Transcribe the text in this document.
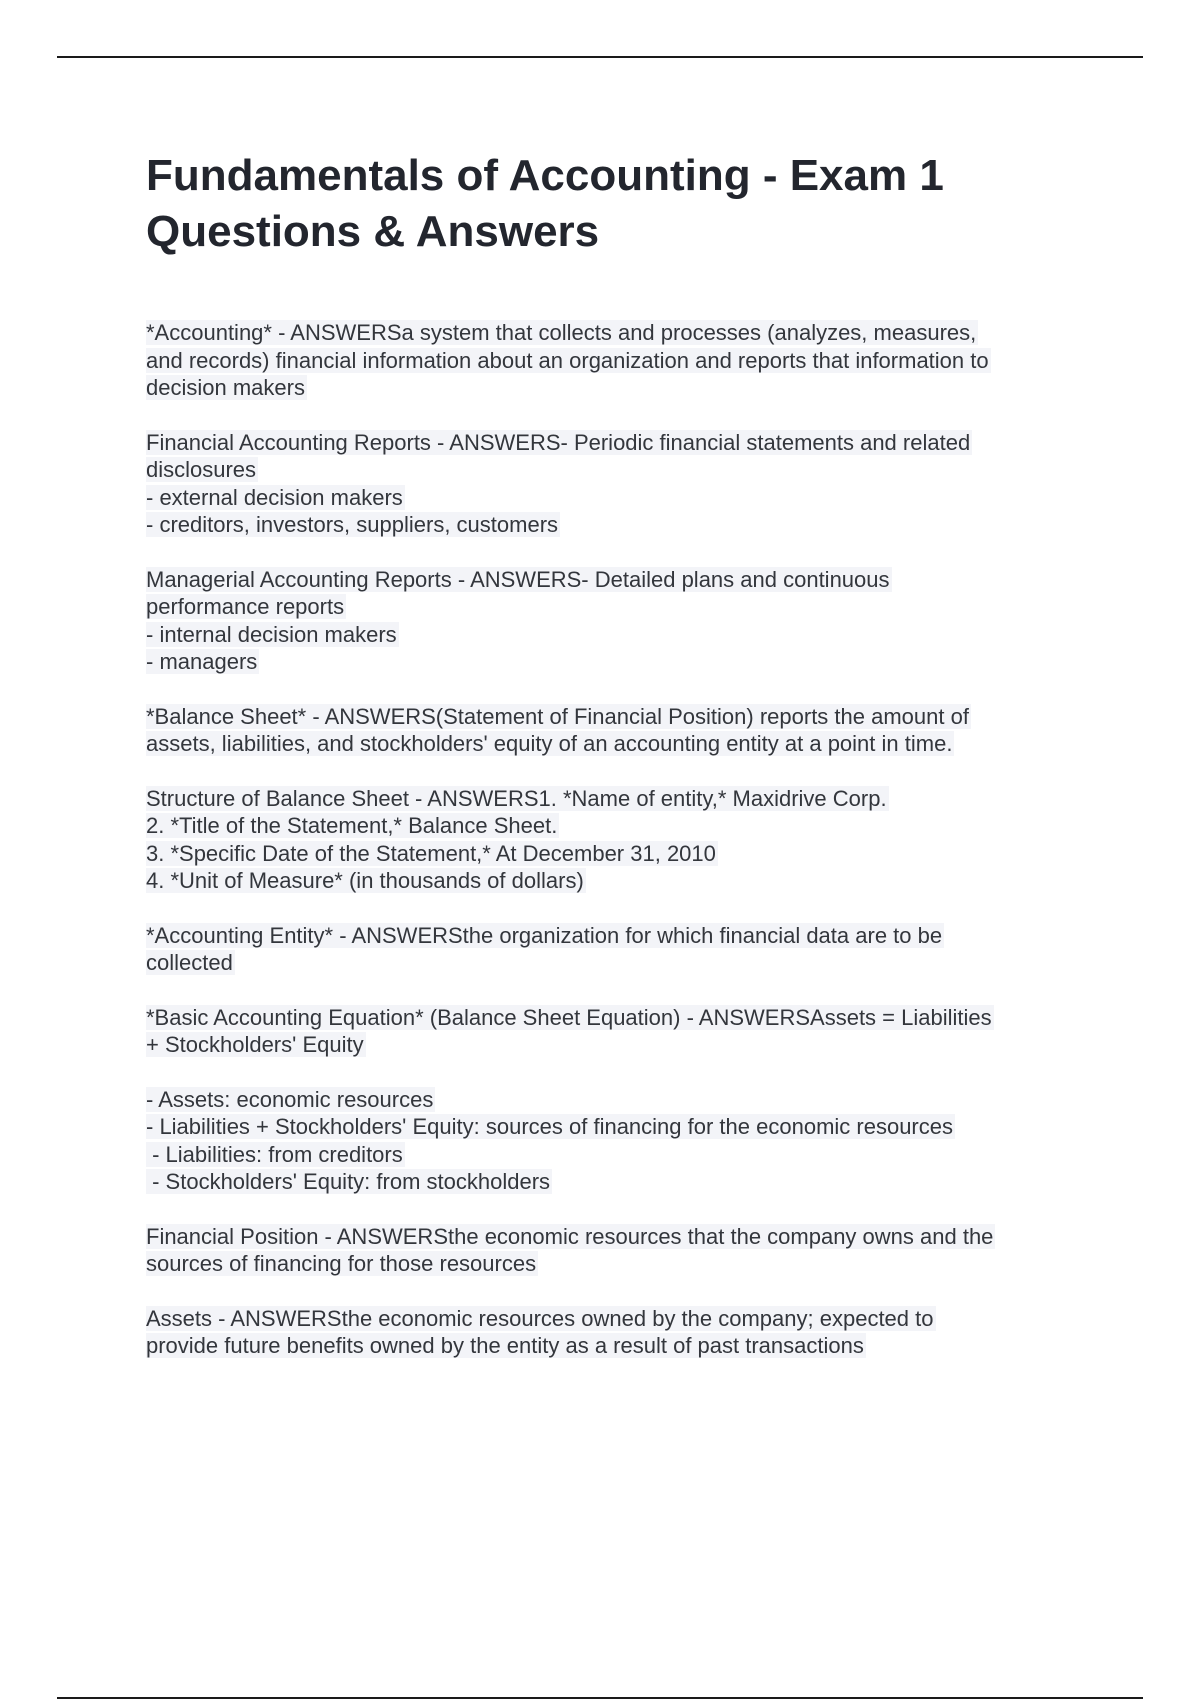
Fundamentals of Accounting - Exam 1
Questions & Answers
*Accounting* - ANSWERSa system that collects and processes (analyzes, measures,
and records) financial information about an organization and reports that information to
decision makers
Financial Accounting Reports - ANSWERS- Periodic financial statements and related
disclosures
- external decision makers
- creditors, investors, suppliers, customers
Managerial Accounting Reports - ANSWERS- Detailed plans and continuous
performance reports
- internal decision makers
- managers
*Balance Sheet* - ANSWERS(Statement of Financial Position) reports the amount of
assets, liabilities, and stockholders' equity of an accounting entity at a point in time.
Structure of Balance Sheet - ANSWERS1. *Name of entity,* Maxidrive Corp.
2. *Title of the Statement,* Balance Sheet.
3. *Specific Date of the Statement,* At December 31, 2010
4. *Unit of Measure* (in thousands of dollars)
*Accounting Entity* - ANSWERSthe organization for which financial data are to be
collected
*Basic Accounting Equation* (Balance Sheet Equation) - ANSWERSAssets = Liabilities
+ Stockholders' Equity
- Assets: economic resources
- Liabilities + Stockholders' Equity: sources of financing for the economic resources
- Liabilities: from creditors
- Stockholders' Equity: from stockholders
Financial Position - ANSWERSthe economic resources that the company owns and the
sources of financing for those resources
Assets - ANSWERSthe economic resources owned by the company; expected to
provide future benefits owned by the entity as a result of past transactions
